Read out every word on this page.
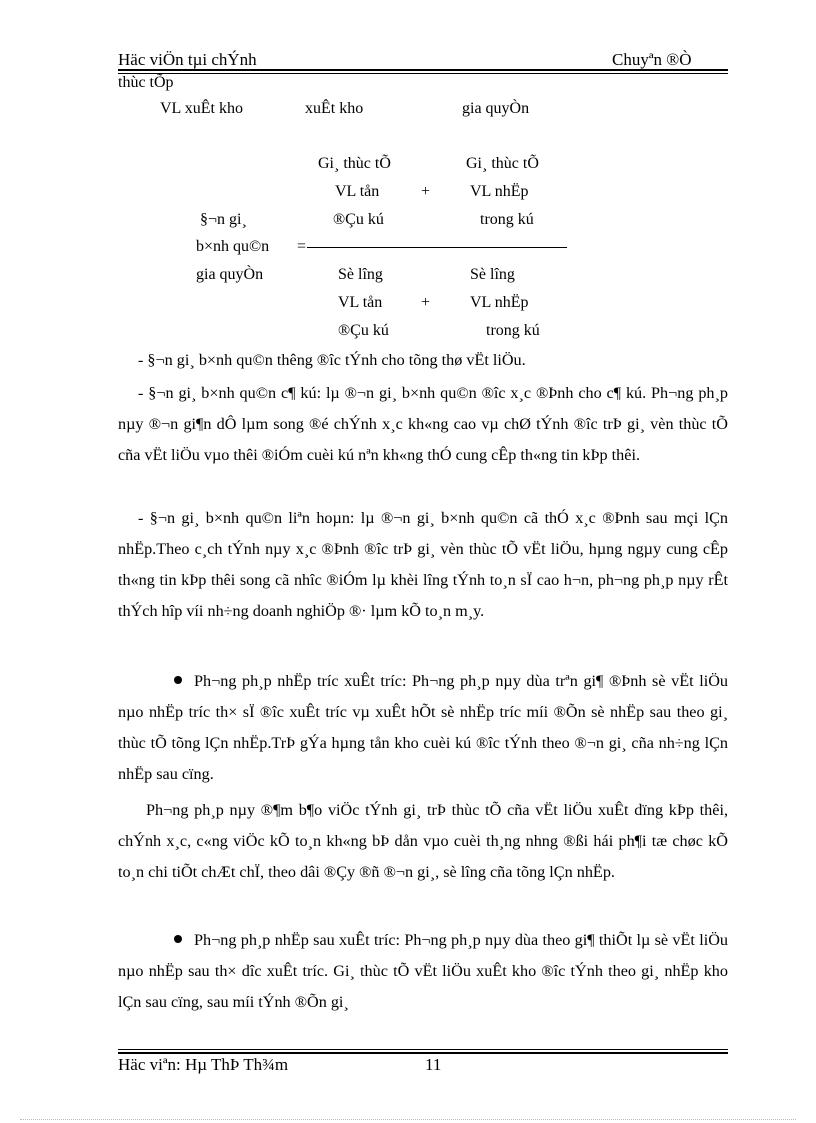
Häc viÖn tµi chÝnh	Chuyªn ®Ò
thùc tÕp
VL xuÊt kho	xuÊt kho	gia quyÒn
Gi¸ thùc tÕ	Gi¸ thùc tÕ
VL tån	+ VL nhËp
§¬n gi¸	®Çu kú	trong kú
b×nh qu©n =
gia quyÒn	Sè lîng	Sè lîng
VL tån + VL nhËp
®Çu kú	trong kú
- §¬n gi¸ b×nh qu©n thêng ®îc tÝnh cho tõng thø vËt liÖu.
- §¬n gi¸ b×nh qu©n c¶ kú: lµ ®¬n gi¸ b×nh qu©n ®îc x¸c ®Þnh cho c¶ kú. Ph¬ng ph¸p nµy ®¬n gi¶n dÔ lµm song ®é chÝnh x¸c kh«ng cao vµ chØ tÝnh ®îc trÞ gi¸ vèn thùc tÕ cña vËt liÖu vµo thêi ®iÓm cuèi kú nªn kh«ng thÓ cung cÊp th«ng tin kÞp thêi.
- §¬n gi¸ b×nh qu©n liªn hoµn: lµ ®¬n gi¸ b×nh qu©n cã thÓ x¸c ®Þnh sau mçi lÇn nhËp.Theo c¸ch tÝnh nµy x¸c ®Þnh ®îc trÞ gi¸ vèn thùc tÕ vËt liÖu, hµng ngµy cung cÊp th«ng tin kÞp thêi song cã nhîc ®iÓm lµ khèi lîng tÝnh to¸n sÏ cao h¬n, ph¬ng ph¸p nµy rÊt thÝch hîp víi nh÷ng doanh nghiÖp ®· lµm kÕ to¸n m¸y.
Ph¬ng ph¸p nhËp tríc xuÊt tríc: Ph¬ng ph¸p nµy dùa trªn gi¶ ®Þnh sè vËt liÖu nµo nhËp tríc th× sÏ ®îc xuÊt tríc vµ xuÊt hÕt sè nhËp tríc míi ®Õn sè nhËp sau theo gi¸ thùc tÕ tõng lÇn nhËp.TrÞ gÝa hµng tån kho cuèi kú ®îc tÝnh theo ®¬n gi¸ cña nh÷ng lÇn nhËp sau cïng.
Ph¬ng ph¸p nµy ®¶m b¶o viÖc tÝnh gi¸ trÞ thùc tÕ cña vËt liÖu xuÊt dïng kÞp thêi, chÝnh x¸c, c«ng viÖc kÕ to¸n kh«ng bÞ dån vµo cuèi th¸ng nhng ®ßi hái ph¶i tæ chøc kÕ to¸n chi tiÕt chÆt chÏ, theo dâi ®Çy ®ñ ®¬n gi¸, sè lîng cña tõng lÇn nhËp.
Ph¬ng ph¸p nhËp sau xuÊt tríc: Ph¬ng ph¸p nµy dùa theo gi¶ thiÕt lµ sè vËt liÖu nµo nhËp sau th× dîc xuÊt tríc. Gi¸ thùc tÕ vËt liÖu xuÊt kho ®îc tÝnh theo gi¸ nhËp kho lÇn sau cïng, sau míi tÝnh ®Õn gi¸
Häc viªn: Hµ ThÞ Th¾m	11
